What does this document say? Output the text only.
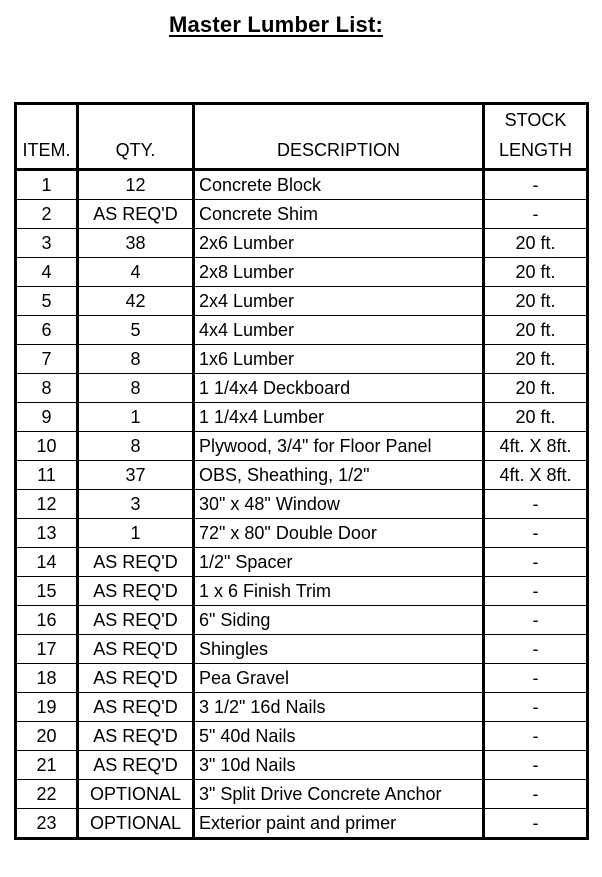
Master Lumber List:
ITEM.	QTY.	DESCRIPTION	STOCK
LENGTH

1	12	Concrete Block	-
2	AS REQ'D	Concrete Shim	-
3	38	2x6 Lumber	20 ft.
4	4	2x8 Lumber	20 ft.
5	42	2x4 Lumber	20 ft.
6	5	4x4 Lumber	20 ft.
7	8	1x6 Lumber	20 ft.
8	8	1 1/4x4 Deckboard	20 ft.
9	1	1 1/4x4 Lumber	20 ft.
10	8	Plywood, 3/4" for Floor Panel	4ft. X 8ft.
11	37	OBS, Sheathing, 1/2"	4ft. X 8ft.
12	3	30" x 48" Window	-
13	1	72" x 80" Double Door	-
14	AS REQ'D	1/2" Spacer	-
15	AS REQ'D	1 x 6 Finish Trim	-
16	AS REQ'D	6" Siding	-
17	AS REQ'D	Shingles	-
18	AS REQ'D	Pea Gravel	-
19	AS REQ'D	3 1/2" 16d Nails	-
20	AS REQ'D	5" 40d Nails	-
21	AS REQ'D	3" 10d Nails	-
22	OPTIONAL	3" Split Drive Concrete Anchor	-
23	OPTIONAL	Exterior paint and primer	-
